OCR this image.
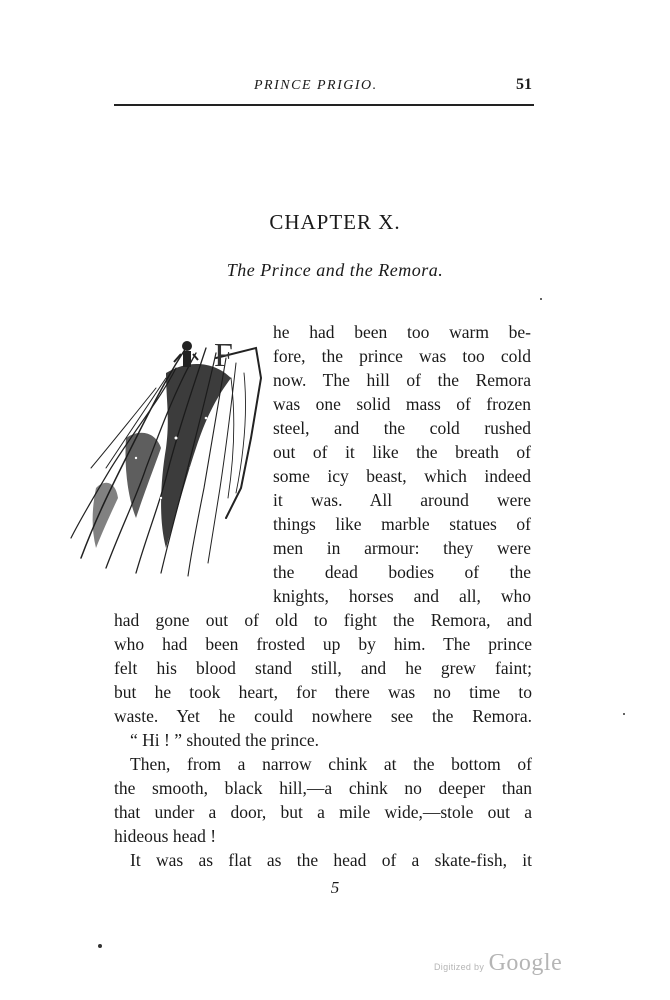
PRINCE PRIGIO.	51
CHAPTER X.
The Prince and the Remora.
F
he had been too warm be-
fore, the prince was too cold
now. The hill of the Remora
was one solid mass of frozen
steel, and the cold rushed
out of it like the breath of
some icy beast, which indeed
it was. All around were
things like marble statues of
men in armour: they were
the dead bodies of the
knights, horses and all, who
had gone out of old to fight the Remora, and
who had been frosted up by him. The prince
felt his blood stand still, and he grew faint;
but he took heart, for there was no time to
waste. Yet he could nowhere see the Remora.
“ Hi ! ” shouted the prince.
Then, from a narrow chink at the bottom of
the smooth, black hill,—a chink no deeper than
that under a door, but a mile wide,—stole out a
hideous head !
It was as flat as the head of a skate-fish, it
5
Digitized by Google
